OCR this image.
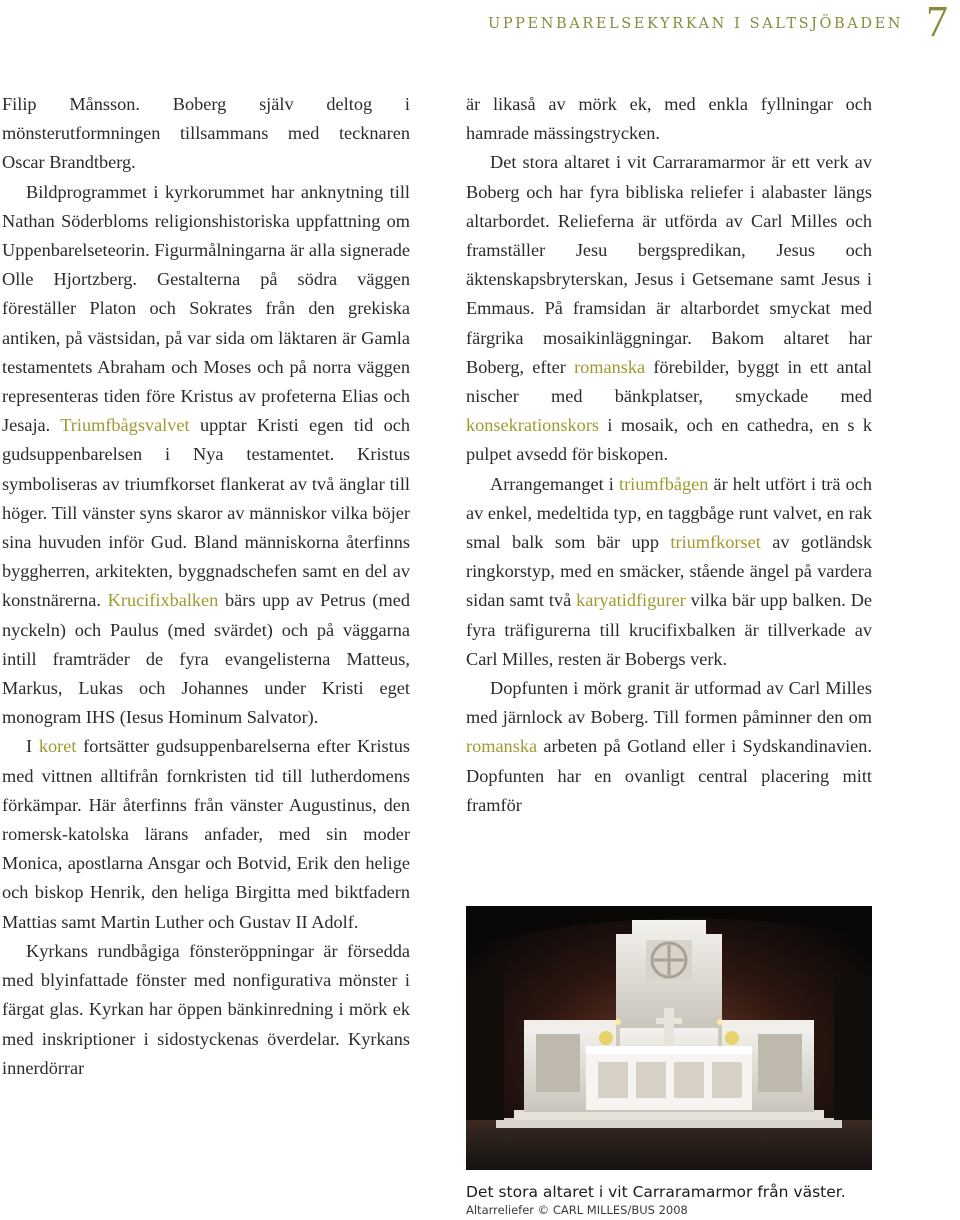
UPPENBARELSEKYRKAN I SALTSJÖBADEN 7

Filip Månsson. Boberg själv deltog i mönsterutformningen tillsammans med tecknaren Oscar Brandtberg.

Bildprogrammet i kyrkorummet har anknytning till Nathan Söderbloms religionshistoriska uppfattning om Uppenbarelseteorin. Figurmålningarna är alla signerade Olle Hjortzberg. Gestalterna på södra väggen föreställer Platon och Sokrates från den grekiska antiken, på västsidan, på var sida om läktaren är Gamla testamentets Abraham och Moses och på norra väggen representeras tiden före Kristus av profeterna Elias och Jesaja. Triumfbågsvalvet upptar Kristi egen tid och gudsuppenbarelsen i Nya testamentet. Kristus symboliseras av triumfkorset flankerat av två änglar till höger. Till vänster syns skaror av människor vilka böjer sina huvuden inför Gud. Bland människorna återfinns byggherren, arkitekten, byggnadschefen samt en del av konstnärerna. Krucifixbalken bärs upp av Petrus (med nyckeln) och Paulus (med svärdet) och på väggarna intill framträder de fyra evangelisterna Matteus, Markus, Lukas och Johannes under Kristi eget monogram IHS (Iesus Hominum Salvator).

I koret fortsätter gudsuppenbarelserna efter Kristus med vittnen alltifrån fornkristen tid till lutherdomens förkämpar. Här återfinns från vänster Augustinus, den romersk-katolska lärans anfader, med sin moder Monica, apostlarna Ansgar och Botvid, Erik den helige och biskop Henrik, den heliga Birgitta med biktfadern Mattias samt Martin Luther och Gustav II Adolf.

Kyrkans rundbågiga fönsteröppningar är försedda med blyinfattade fönster med nonfigurativa mönster i färgat glas. Kyrkan har öppen bänkinredning i mörk ek med inskriptioner i sidostyckenas överdelar. Kyrkans innerdörrar

är likaså av mörk ek, med enkla fyllningar och hamrade mässingstrycken.

Det stora altaret i vit Carraramarmor är ett verk av Boberg och har fyra bibliska reliefer i alabaster längs altarbordet. Relieferna är utförda av Carl Milles och framställer Jesu bergspredikan, Jesus och äktenskapsbryterskan, Jesus i Getsemane samt Jesus i Emmaus. På framsidan är altarbordet smyckat med färgrika mosaikinläggningar. Bakom altaret har Boberg, efter romanska förebilder, byggt in ett antal nischer med bänkplatser, smyckade med konsekrationskors i mosaik, och en cathedra, en s k pulpet avsedd för biskopen.

Arrangemanget i triumfbågen är helt utfört i trä och av enkel, medeltida typ, en taggbåge runt valvet, en rak smal balk som bär upp triumfkorset av gotländsk ringkorstyp, med en smäcker, stående ängel på vardera sidan samt två karyatidfigurer vilka bär upp balken. De fyra träfigurerna till krucifixbalken är tillverkade av Carl Milles, resten är Bobergs verk.

Dopfunten i mörk granit är utformad av Carl Milles med järnlock av Boberg. Till formen påminner den om romanska arbeten på Gotland eller i Sydskandinavien. Dopfunten har en ovanligt central placering mitt framför

Det stora altaret i vit Carraramarmor från väster.
Altarreliefer © CARL MILLES/BUS 2008
